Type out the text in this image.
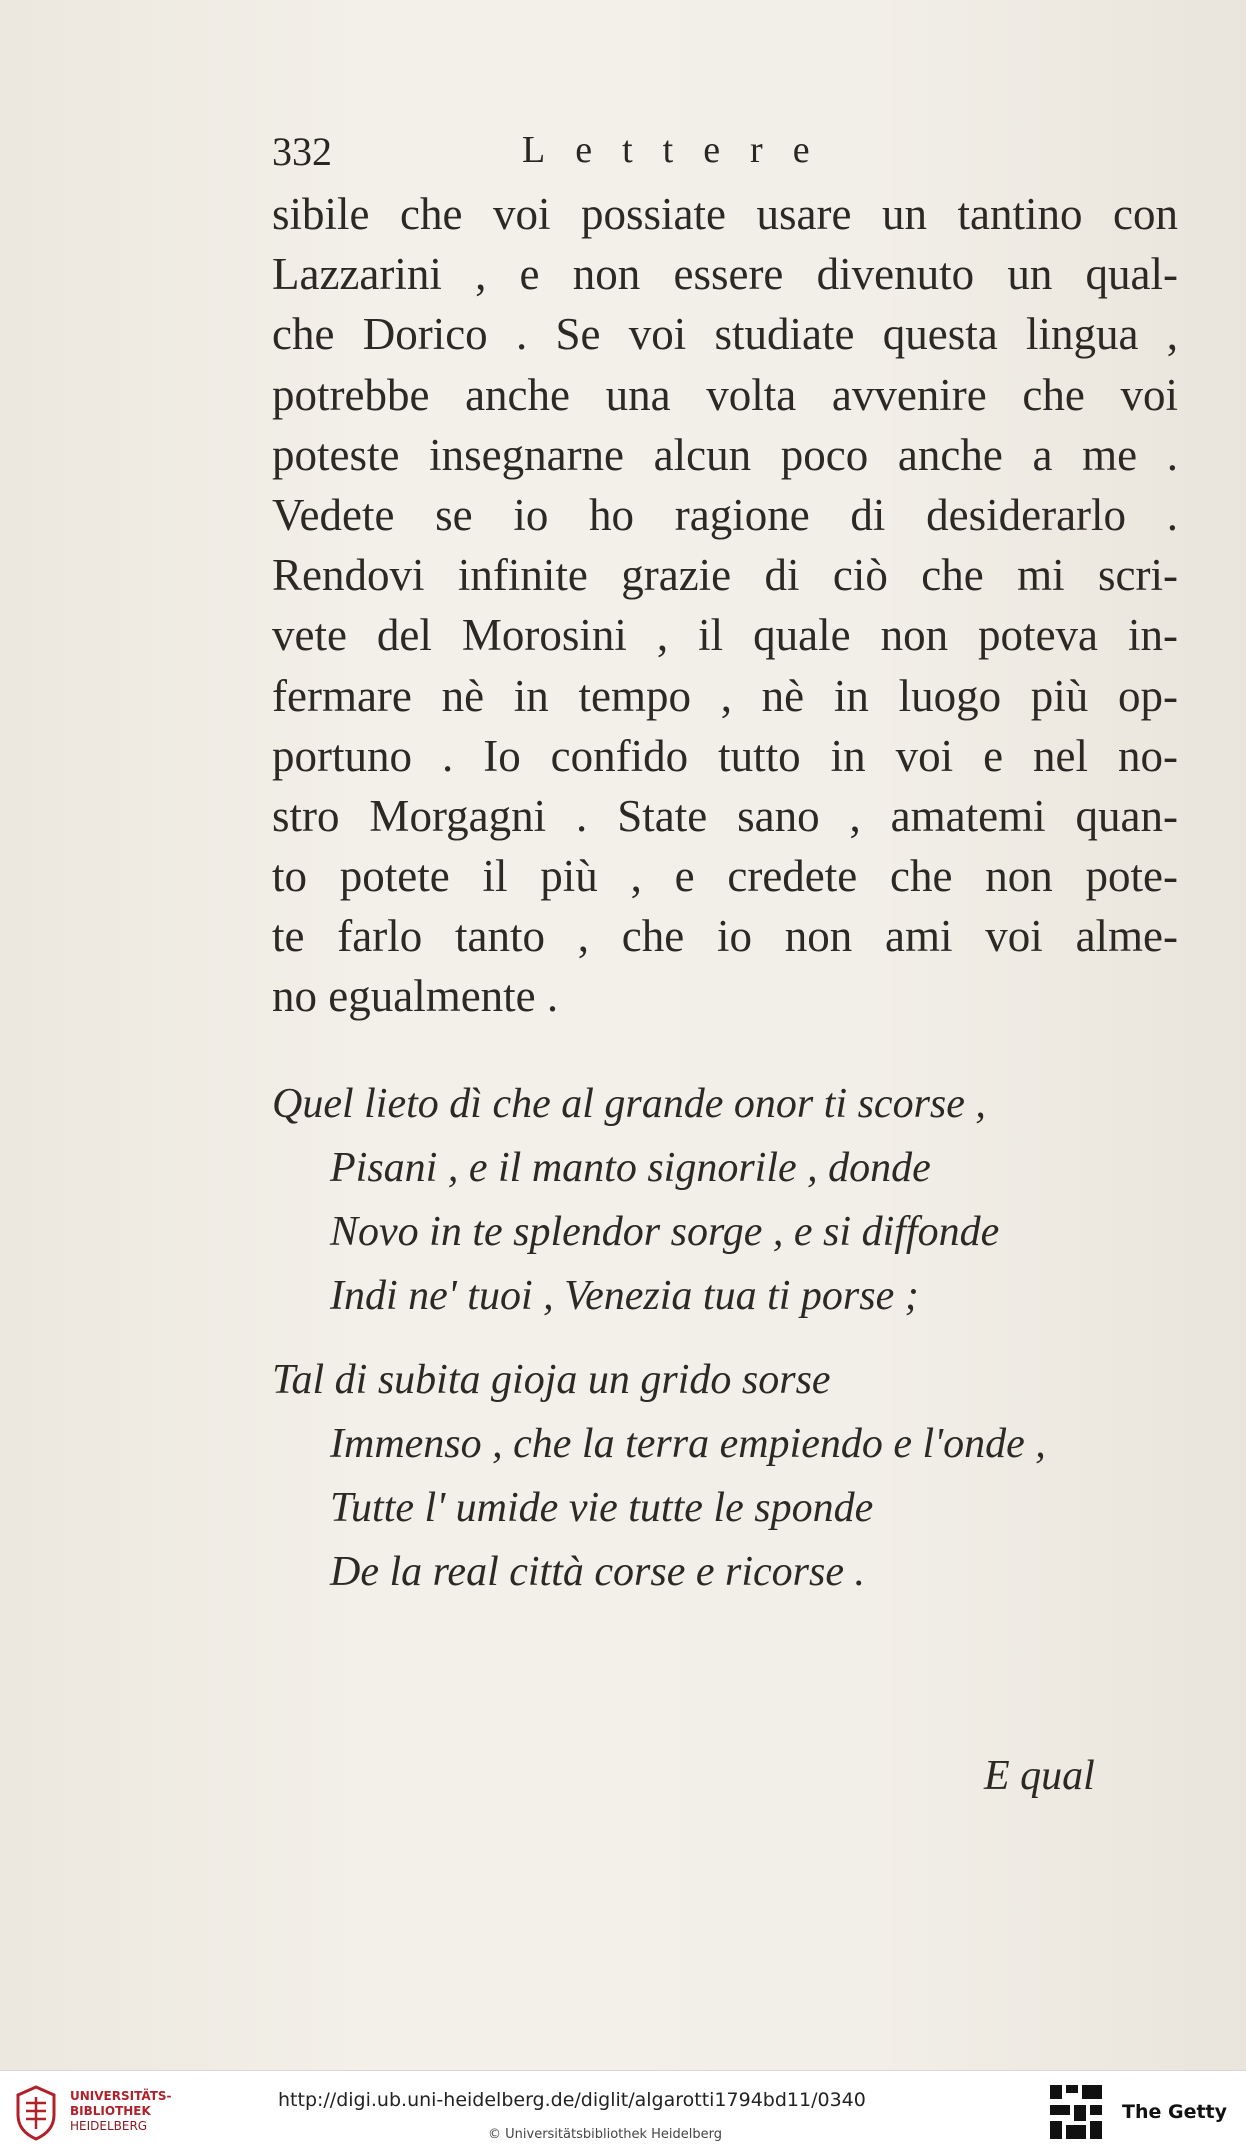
332	Lettere
sibile che voi possiate usare un tantino con
Lazzarini , e non essere divenuto un qual-
che Dorico . Se voi studiate questa lingua ,
potrebbe anche una volta avvenire che voi
poteste insegnarne alcun poco anche a me .
Vedete se io ho ragione di desiderarlo .
Rendovi infinite grazie di ciò che mi scri-
vete del Morosini , il quale non poteva in-
fermare nè in tempo , nè in luogo più op-
portuno . Io confido tutto in voi e nel no-
stro Morgagni . State sano , amatemi quan-
to potete il più , e credete che non pote-
te farlo tanto , che io non ami voi alme-
no egualmente .
Quel lieto dì che al grande onor ti scorse ,
Pisani , e il manto signorile , donde
Novo in te splendor sorge , e si diffonde
Indi ne' tuoi , Venezia tua ti porse ;
Tal di subita gioja un grido sorse
Immenso , che la terra empiendo e l'onde ,
Tutte l' umide vie tutte le sponde
De la real città corse e ricorse .
E qual
UNIVERSITÄTS-
BIBLIOTHEK
HEIDELBERG
http://digi.ub.uni-heidelberg.de/diglit/algarotti1794bd11/0340
© Universitätsbibliothek Heidelberg
The Getty
